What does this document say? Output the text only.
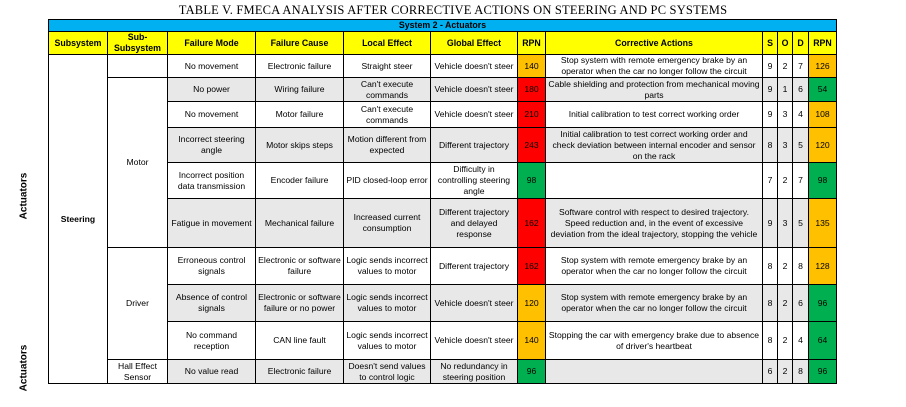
TABLE V. FMECA ANALYSIS AFTER CORRECTIVE ACTIONS ON STEERING AND PC SYSTEMS
Actuators
Actuators
System 2 - Actuators											
Subsystem	Sub-Subsystem	Failure Mode	Failure Cause	Local Effect	Global Effect	RPN	Corrective Actions	S	O	D	RPN
Steering		No movement	Electronic failure	Straight steer	Vehicle doesn't steer	140	Stop system with remote emergency brake by an operator when the car no longer follow the circuit	9	2	7	126
	Motor	No power	Wiring failure	Can't execute commands	Vehicle doesn't steer	180	Cable shielding and protection from mechanical moving parts	9	1	6	54
		No movement	Motor failure	Can't execute commands	Vehicle doesn't steer	210	Initial calibration to test correct working order	9	3	4	108
		Incorrect steering angle	Motor skips steps	Motion different from expected	Different trajectory	243	Initial calibration to test correct working order and check deviation between internal encoder and sensor on the rack	8	3	5	120
		Incorrect position data transmission	Encoder failure	PID closed-loop error	Difficulty in controlling steering angle	98		7	2	7	98
		Fatigue in movement	Mechanical failure	Increased current consumption	Different trajectory and delayed response	162	Software control with respect to desired trajectory. Speed reduction and, in the event of excessive deviation from the ideal trajectory, stopping the vehicle	9	3	5	135
	Driver	Erroneous control signals	Electronic or software failure	Logic sends incorrect values to motor	Different trajectory	162	Stop system with remote emergency brake by an operator when the car no longer follow the circuit	8	2	8	128
		Absence of control signals	Electronic or software failure or no power	Logic sends incorrect values to motor	Vehicle doesn't steer	120	Stop system with remote emergency brake by an operator when the car no longer follow the circuit	8	2	6	96
		No command reception	CAN line fault	Logic sends incorrect values to motor	Vehicle doesn't steer	140	Stopping the car with emergency brake due to absence of driver's heartbeat	8	2	4	64
	Hall Effect Sensor	No value read	Electronic failure	Doesn't send values to control logic	No redundancy in steering position	96		6	2	8	96
